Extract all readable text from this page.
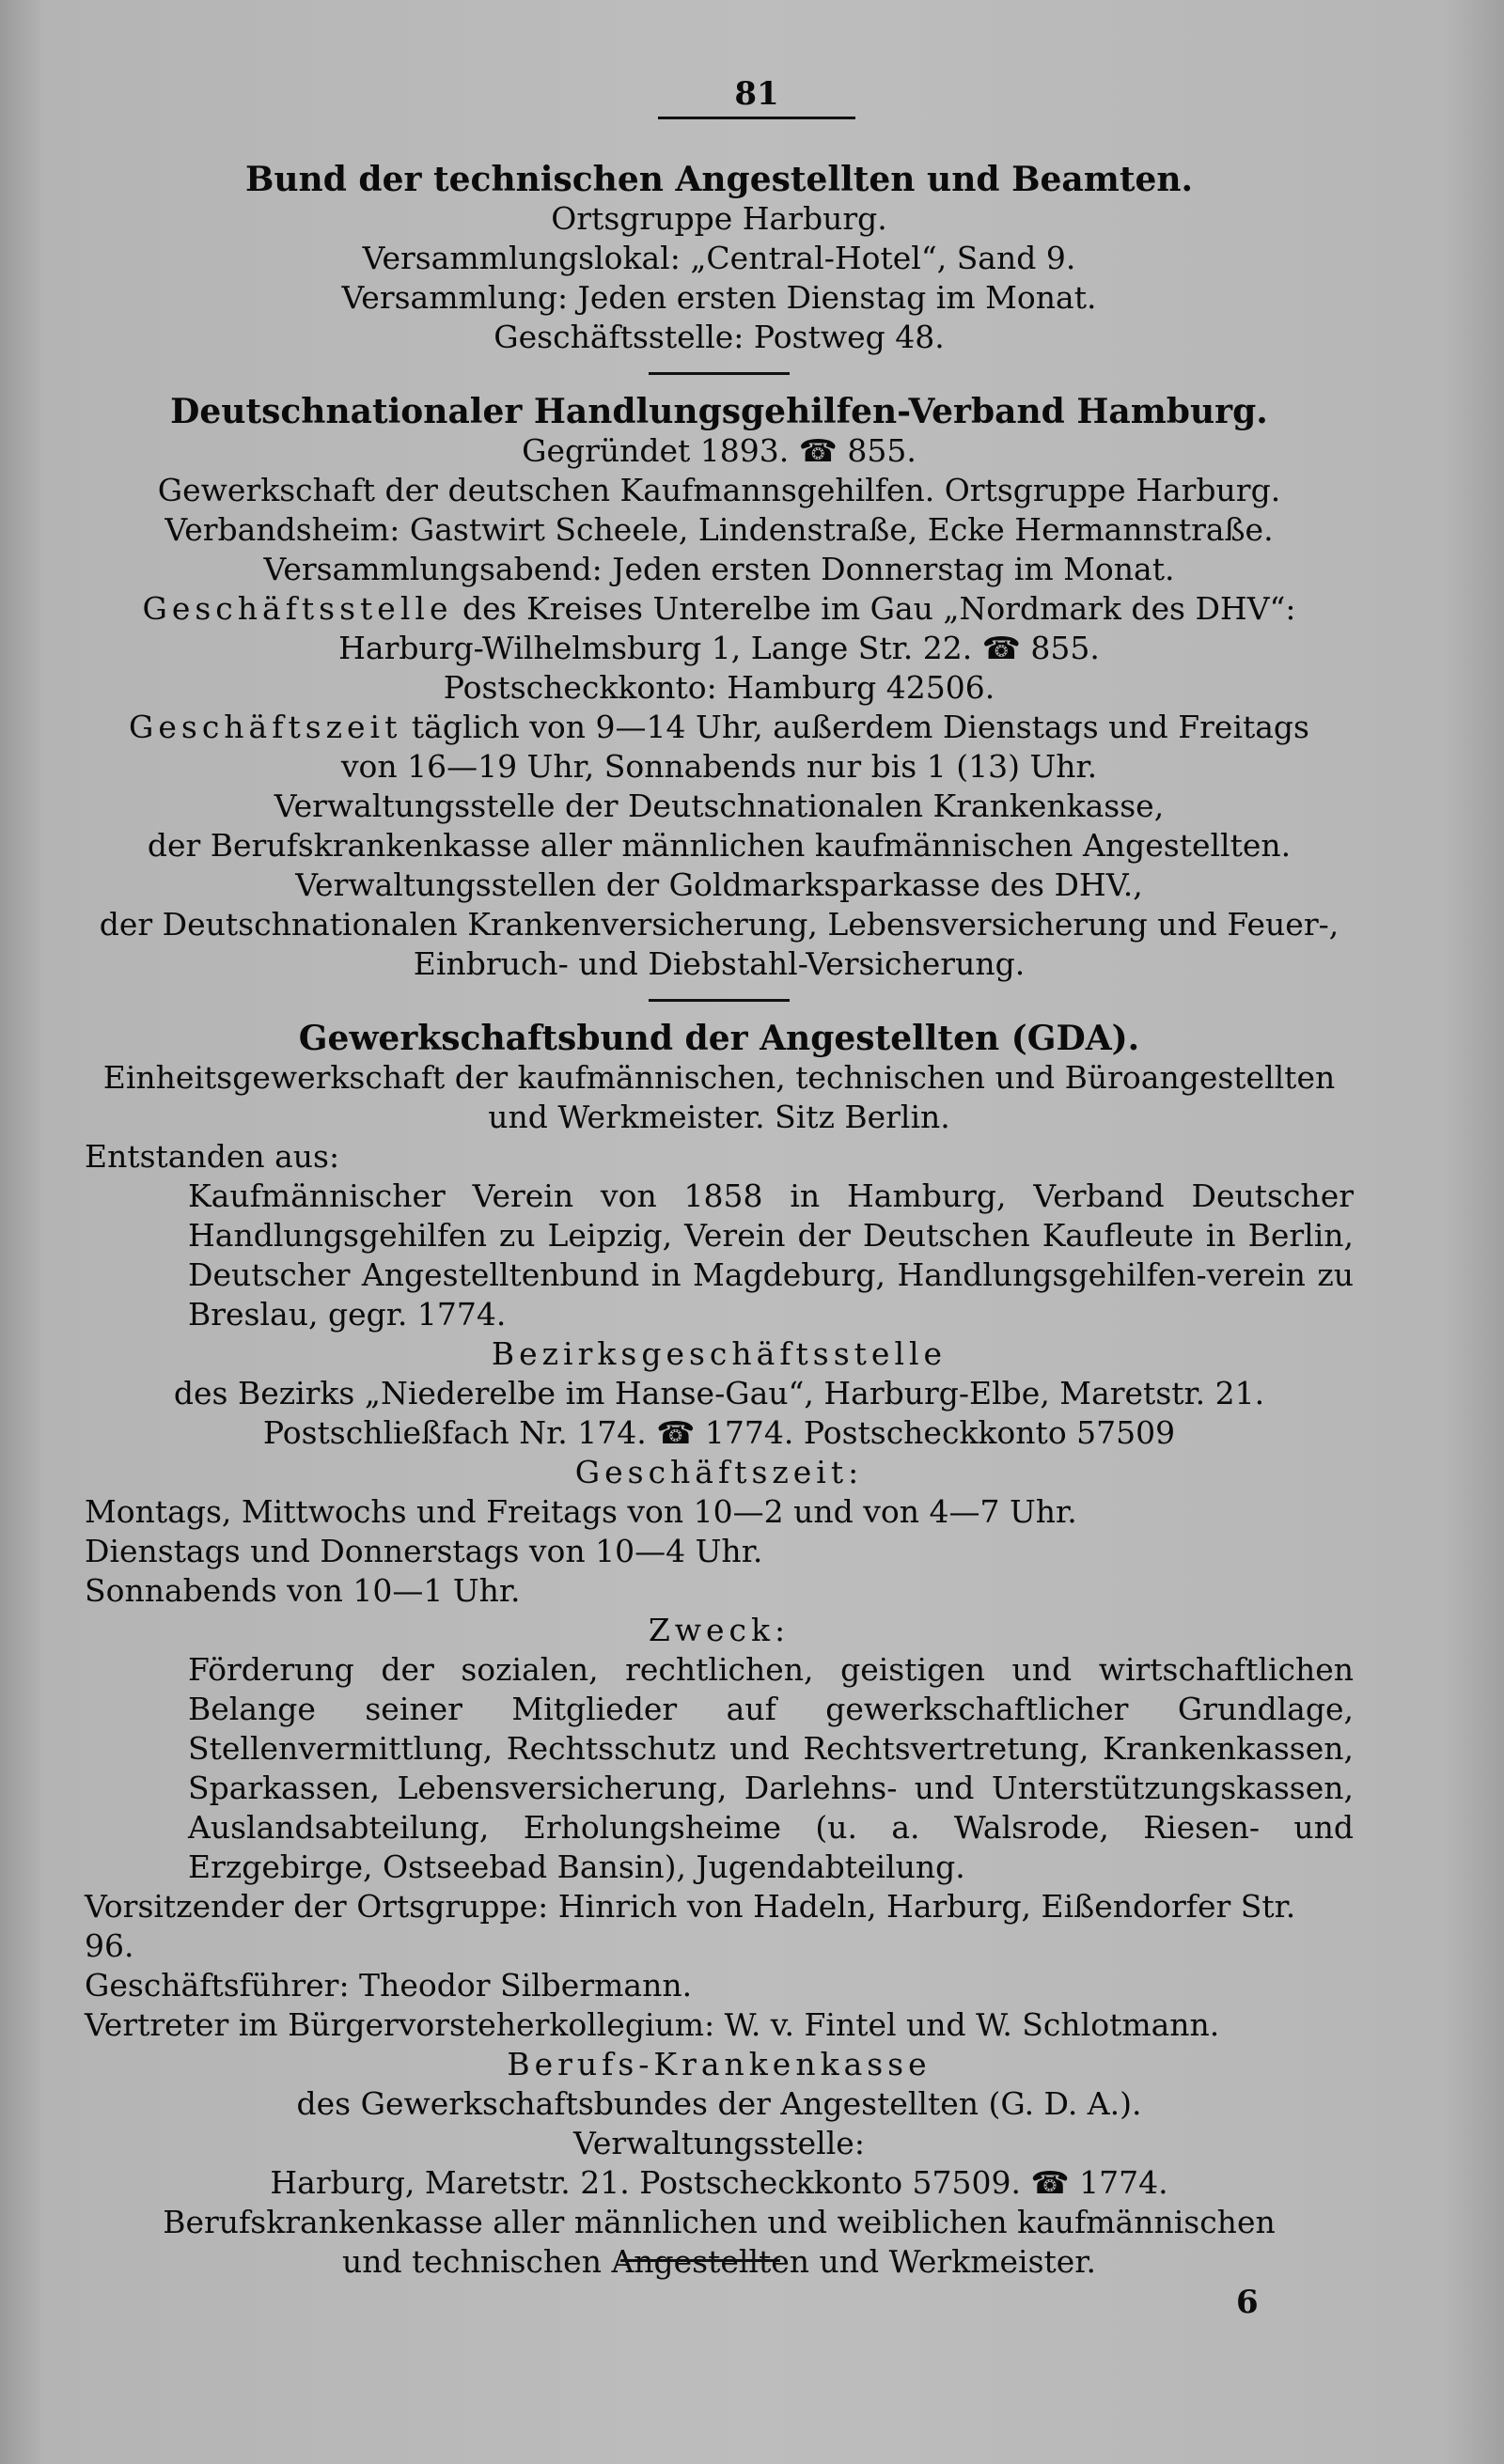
81
Bund der technischen Angestellten und Beamten.
Ortsgruppe Harburg.
Versammlungslokal: „Central-Hotel“, Sand 9.
Versammlung: Jeden ersten Dienstag im Monat.
Geschäftsstelle: Postweg 48.
Deutschnationaler Handlungsgehilfen-Verband Hamburg.
Gegründet 1893. ☎ 855.
Gewerkschaft der deutschen Kaufmannsgehilfen. Ortsgruppe Harburg.
Verbandsheim: Gastwirt Scheele, Lindenstraße, Ecke Hermannstraße.
Versammlungsabend: Jeden ersten Donnerstag im Monat.
Geschäftsstelle des Kreises Unterelbe im Gau „Nordmark des DHV“:
Harburg-Wilhelmsburg 1, Lange Str. 22. ☎ 855.
Postscheckkonto: Hamburg 42506.
Geschäftszeit täglich von 9—14 Uhr, außerdem Dienstags und Freitags
von 16—19 Uhr, Sonnabends nur bis 1 (13) Uhr.
Verwaltungsstelle der Deutschnationalen Krankenkasse,
der Berufskrankenkasse aller männlichen kaufmännischen Angestellten.
Verwaltungsstellen der Goldmarksparkasse des DHV.,
der Deutschnationalen Krankenversicherung, Lebensversicherung und Feuer-,
Einbruch- und Diebstahl-Versicherung.
Gewerkschaftsbund der Angestellten (GDA).
Einheitsgewerkschaft der kaufmännischen, technischen und Büroangestellten
und Werkmeister. Sitz Berlin.
Entstanden aus:
Kaufmännischer Verein von 1858 in Hamburg, Verband Deutscher Handlungsgehilfen zu Leipzig, Verein der Deutschen Kaufleute in Berlin, Deutscher Angestelltenbund in Magdeburg, Handlungsgehilfen-verein zu Breslau, gegr. 1774.
Bezirksgeschäftsstelle
des Bezirks „Niederelbe im Hanse-Gau“, Harburg-Elbe, Maretstr. 21.
Postschließfach Nr. 174. ☎ 1774. Postscheckkonto 57509
Geschäftszeit:
Montags, Mittwochs und Freitags von 10—2 und von 4—7 Uhr.
Dienstags und Donnerstags von 10—4 Uhr.
Sonnabends von 10—1 Uhr.
Zweck:
Förderung der sozialen, rechtlichen, geistigen und wirtschaftlichen Belange seiner Mitglieder auf gewerkschaftlicher Grundlage, Stellenvermittlung, Rechtsschutz und Rechtsvertretung, Krankenkassen, Sparkassen, Lebensversicherung, Darlehns- und Unterstützungskassen, Auslandsabteilung, Erholungsheime (u. a. Walsrode, Riesen- und Erzgebirge, Ostseebad Bansin), Jugendabteilung.
Vorsitzender der Ortsgruppe: Hinrich von Hadeln, Harburg, Eißendorfer Str. 96.
Geschäftsführer: Theodor Silbermann.
Vertreter im Bürgervorsteherkollegium: W. v. Fintel und W. Schlotmann.
Berufs-Krankenkasse
des Gewerkschaftsbundes der Angestellten (G. D. A.).
Verwaltungsstelle:
Harburg, Maretstr. 21. Postscheckkonto 57509. ☎ 1774.
Berufskrankenkasse aller männlichen und weiblichen kaufmännischen
und technischen Angestellten und Werkmeister.
6
